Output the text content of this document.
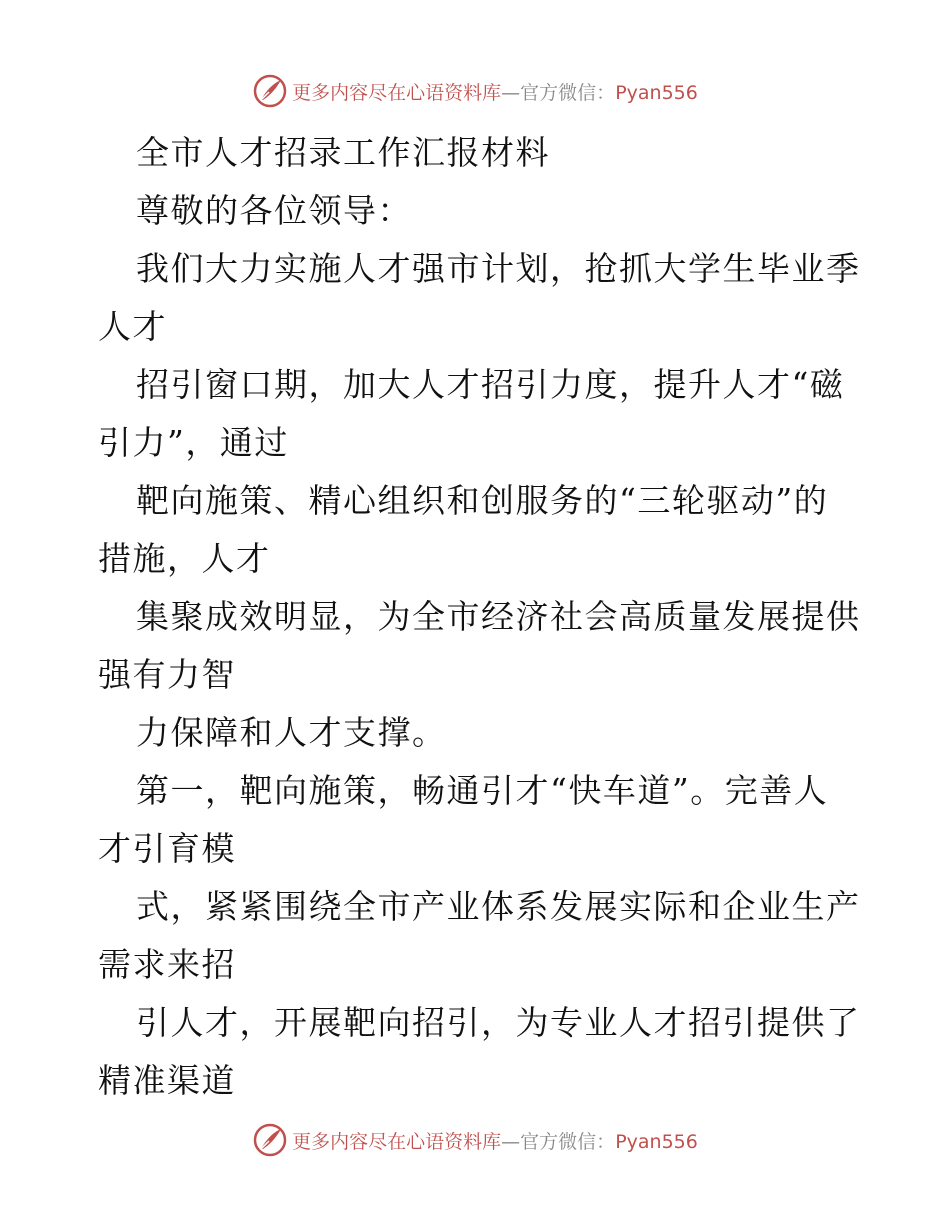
更多内容尽在心语资料库—官方微信：Pyan556
全市人才招录工作汇报材料
尊敬的各位领导：
我们大力实施人才强市计划，抢抓大学生毕业季
人才
招引窗口期，加大人才招引力度，提升人才“磁
引力”，通过
靶向施策、精心组织和创服务的“三轮驱动”的
措施，人才
集聚成效明显，为全市经济社会高质量发展提供
强有力智
力保障和人才支撑。
第一，靶向施策，畅通引才“快车道”。完善人
才引育模
式，紧紧围绕全市产业体系发展实际和企业生产
需求来招
引人才，开展靶向招引，为专业人才招引提供了
精准渠道
更多内容尽在心语资料库—官方微信：Pyan556
